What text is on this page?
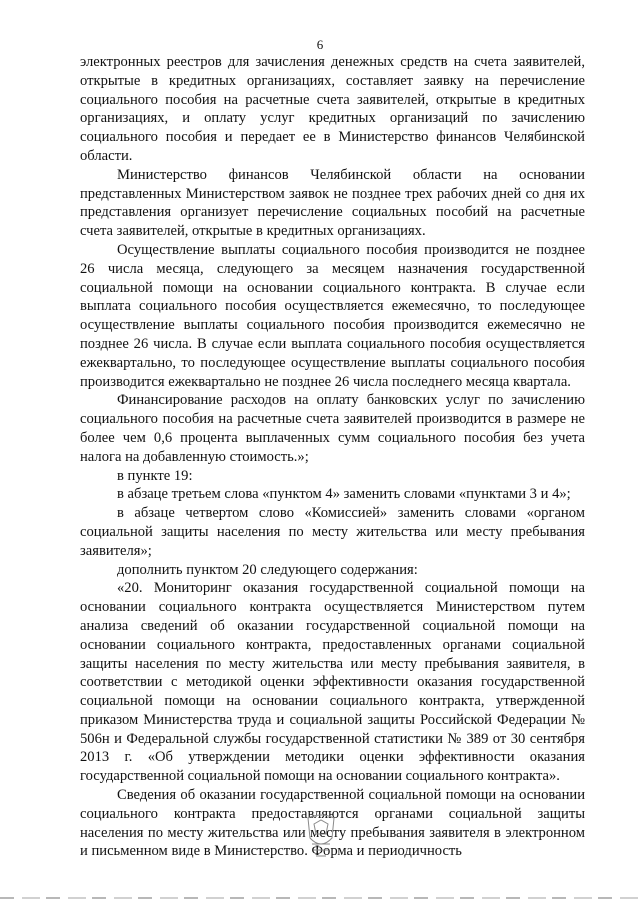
6

электронных реестров для зачисления денежных средств на счета заявителей, открытые в кредитных организациях, составляет заявку на перечисление социального пособия на расчетные счета заявителей, открытые в кредитных организациях, и оплату услуг кредитных организаций по зачислению социального пособия и передает ее в Министерство финансов Челябинской области.

Министерство финансов Челябинской области на основании представленных Министерством заявок не позднее трех рабочих дней со дня их представления организует перечисление социальных пособий на расчетные счета заявителей, открытые в кредитных организациях.

Осуществление выплаты социального пособия производится не позднее 26 числа месяца, следующего за месяцем назначения государственной социальной помощи на основании социального контракта. В случае если выплата социального пособия осуществляется ежемесячно, то последующее осуществление выплаты социального пособия производится ежемесячно не позднее 26 числа. В случае если выплата социального пособия осуществляется ежеквартально, то последующее осуществление выплаты социального пособия производится ежеквартально не позднее 26 числа последнего месяца квартала.

Финансирование расходов на оплату банковских услуг по зачислению социального пособия на расчетные счета заявителей производится в размере не более чем 0,6 процента выплаченных сумм социального пособия без учета налога на добавленную стоимость.»;

в пункте 19:

в абзаце третьем слова «пунктом 4» заменить словами «пунктами 3 и 4»;

в абзаце четвертом слово «Комиссией» заменить словами «органом социальной защиты населения по месту жительства или месту пребывания заявителя»;

дополнить пунктом 20 следующего содержания:

«20. Мониторинг оказания государственной социальной помощи на основании социального контракта осуществляется Министерством путем анализа сведений об оказании государственной социальной помощи на основании социального контракта, предоставленных органами социальной защиты населения по месту жительства или месту пребывания заявителя, в соответствии с методикой оценки эффективности оказания государственной социальной помощи на основании социального контракта, утвержденной приказом Министерства труда и социальной защиты Российской Федерации № 506н и Федеральной службы государственной статистики № 389 от 30 сентября 2013 г. «Об утверждении методики оценки эффективности оказания государственной социальной помощи на основании социального контракта».

Сведения об оказании государственной социальной помощи на основании социального контракта предоставляются органами социальной защиты населения по месту жительства или месту пребывания заявителя в электронном и письменном виде в Министерство. Форма и периодичность
